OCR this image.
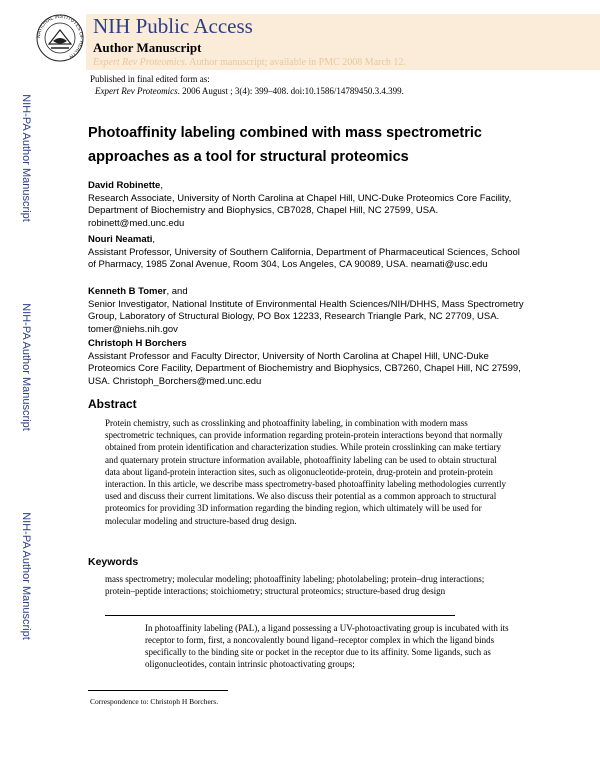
NATIONAL INSTITUTES OF HEALTH
NIH Public Access
Author Manuscript
Expert Rev Proteomics. Author manuscript; available in PMC 2008 March 12.
NIH-PA Author Manuscript
NIH-PA Author Manuscript
NIH-PA Author Manuscript
Published in final edited form as:
Expert Rev Proteomics. 2006 August ; 3(4): 399–408. doi:10.1586/14789450.3.4.399.
Photoaffinity labeling combined with mass spectrometric approaches as a tool for structural proteomics
David Robinette,
Research Associate, University of North Carolina at Chapel Hill, UNC-Duke Proteomics Core Facility, Department of Biochemistry and Biophysics, CB7028, Chapel Hill, NC 27599, USA. robinett@med.unc.edu
Nouri Neamati,
Assistant Professor, University of Southern California, Department of Pharmaceutical Sciences, School of Pharmacy, 1985 Zonal Avenue, Room 304, Los Angeles, CA 90089, USA. neamati@usc.edu
Kenneth B Tomer, and
Senior Investigator, National Institute of Environmental Health Sciences/NIH/DHHS, Mass Spectrometry Group, Laboratory of Structural Biology, PO Box 12233, Research Triangle Park, NC 27709, USA. tomer@niehs.nih.gov
Christoph H Borchers
Assistant Professor and Faculty Director, University of North Carolina at Chapel Hill, UNC-Duke Proteomics Core Facility, Department of Biochemistry and Biophysics, CB7260, Chapel Hill, NC 27599, USA. Christoph_Borchers@med.unc.edu
Abstract
Protein chemistry, such as crosslinking and photoaffinity labeling, in combination with modern mass spectrometric techniques, can provide information regarding protein-protein interactions beyond that normally obtained from protein identification and characterization studies. While protein crosslinking can make tertiary and quaternary protein structure information available, photoaffinity labeling can be used to obtain structural data about ligand-protein interaction sites, such as oligonucleotide-protein, drug-protein and protein-protein interaction. In this article, we describe mass spectrometry-based photoaffinity labeling methodologies currently used and discuss their current limitations. We also discuss their potential as a common approach to structural proteomics for providing 3D information regarding the binding region, which ultimately will be used for molecular modeling and structure-based drug design.
Keywords
mass spectrometry; molecular modeling; photoaffinity labeling; photolabeling; protein–drug interactions; protein–peptide interactions; stoichiometry; structural proteomics; structure-based drug design
In photoaffinity labeling (PAL), a ligand possessing a UV-photoactivating group is incubated with its receptor to form, first, a noncovalently bound ligand–receptor complex in which the ligand binds specifically to the binding site or pocket in the receptor due to its affinity. Some ligands, such as oligonucleotides, contain intrinsic photoactivating groups;
Correspondence to: Christoph H Borchers.
